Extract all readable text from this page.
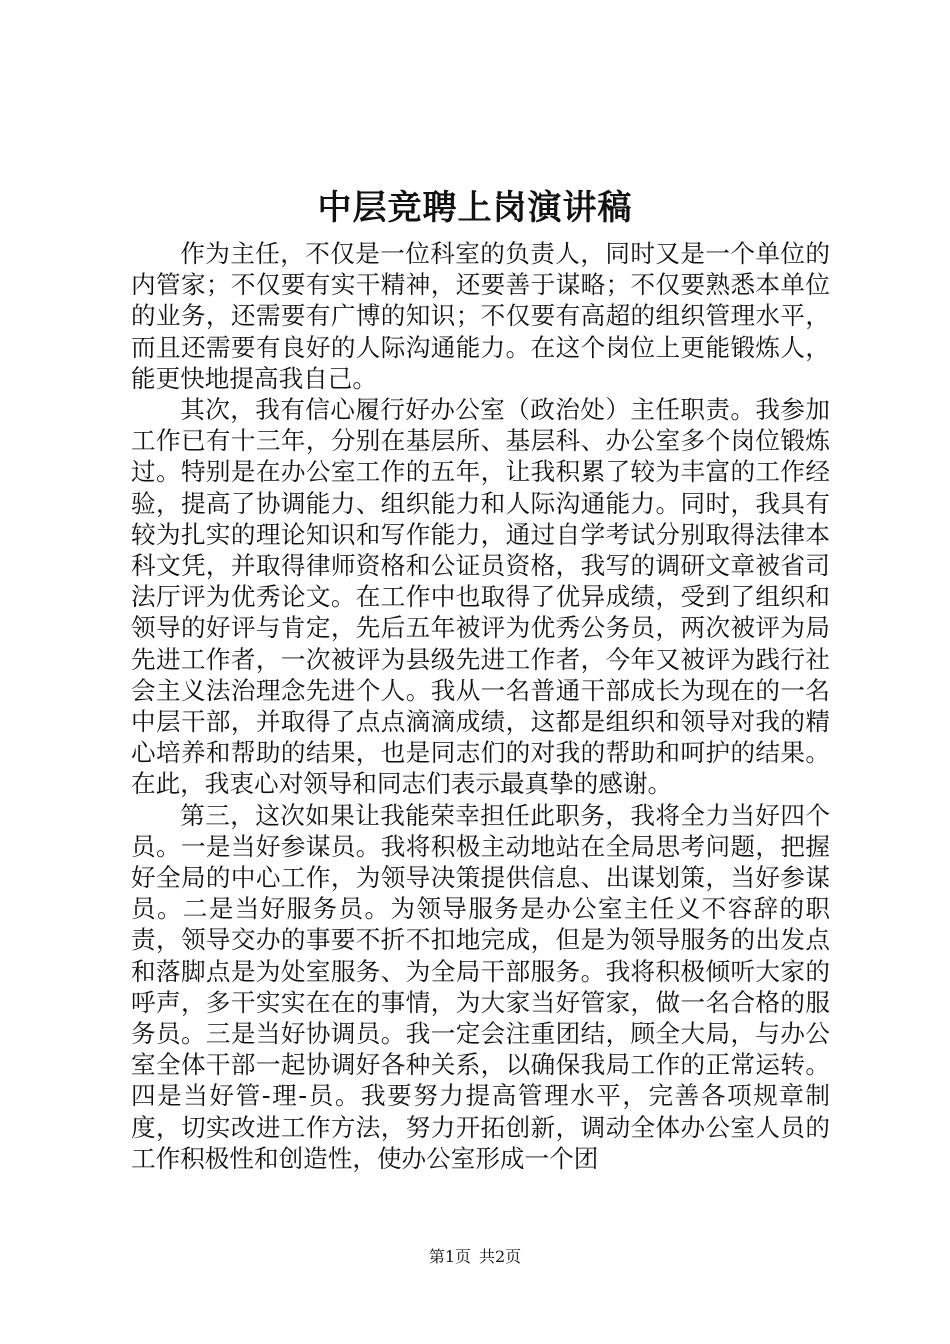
中层竞聘上岗演讲稿

作为主任，不仅是一位科室的负责人，同时又是一个单位的内管家；不仅要有实干精神，还要善于谋略；不仅要熟悉本单位的业务，还需要有广博的知识；不仅要有高超的组织管理水平，而且还需要有良好的人际沟通能力。在这个岗位上更能锻炼人，能更快地提高我自己。

其次，我有信心履行好办公室（政治处）主任职责。我参加工作已有十三年，分别在基层所、基层科、办公室多个岗位锻炼过。特别是在办公室工作的五年，让我积累了较为丰富的工作经验，提高了协调能力、组织能力和人际沟通能力。同时，我具有较为扎实的理论知识和写作能力，通过自学考试分别取得法律本科文凭，并取得律师资格和公证员资格，我写的调研文章被省司法厅评为优秀论文。在工作中也取得了优异成绩，受到了组织和领导的好评与肯定，先后五年被评为优秀公务员，两次被评为局先进工作者，一次被评为县级先进工作者，今年又被评为践行社会主义法治理念先进个人。我从一名普通干部成长为现在的一名中层干部，并取得了点点滴滴成绩，这都是组织和领导对我的精心培养和帮助的结果，也是同志们的对我的帮助和呵护的结果。在此，我衷心对领导和同志们表示最真挚的感谢。

第三，这次如果让我能荣幸担任此职务，我将全力当好四个员。一是当好参谋员。我将积极主动地站在全局思考问题，把握好全局的中心工作，为领导决策提供信息、出谋划策，当好参谋员。二是当好服务员。为领导服务是办公室主任义不容辞的职责，领导交办的事要不折不扣地完成，但是为领导服务的出发点和落脚点是为处室服务、为全局干部服务。我将积极倾听大家的呼声，多干实实在在的事情，为大家当好管家，做一名合格的服务员。三是当好协调员。我一定会注重团结，顾全大局，与办公室全体干部一起协调好各种关系，以确保我局工作的正常运转。四是当好管-理-员。我要努力提高管理水平，完善各项规章制度，切实改进工作方法，努力开拓创新，调动全体办公室人员的工作积极性和创造性，使办公室形成一个团

第1页 共2页
